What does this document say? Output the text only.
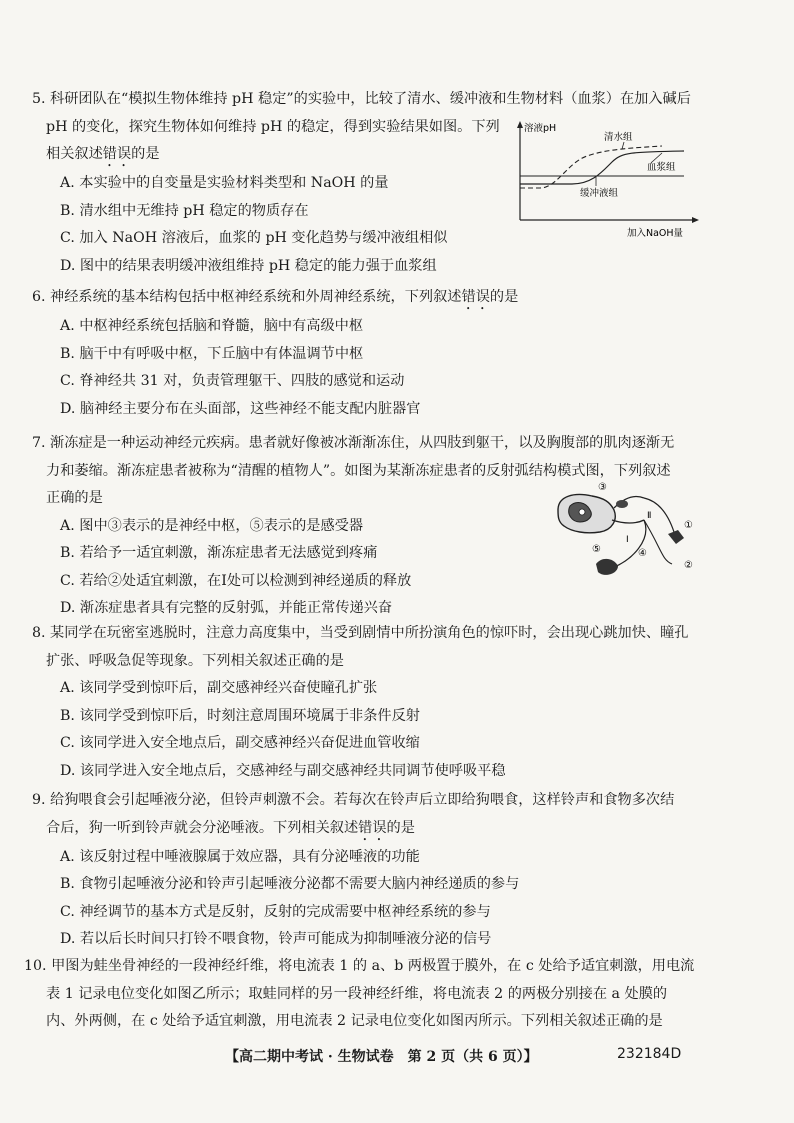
5. 科研团队在“模拟生物体维持 pH 稳定”的实验中，比较了清水、缓冲液和生物材料（血浆）在加入碱后
pH 的变化，探究生物体如何维持 pH 的稳定，得到实验结果如图。下列
相关叙述错误的是
A. 本实验中的自变量是实验材料类型和 NaOH 的量
B. 清水组中无维持 pH 稳定的物质存在
C. 加入 NaOH 溶液后，血浆的 pH 变化趋势与缓冲液组相似
D. 图中的结果表明缓冲液组维持 pH 稳定的能力强于血浆组
溶液pH
加入NaOH量
清水组
血浆组
缓冲液组
6. 神经系统的基本结构包括中枢神经系统和外周神经系统，下列叙述错误的是
A. 中枢神经系统包括脑和脊髓，脑中有高级中枢
B. 脑干中有呼吸中枢，下丘脑中有体温调节中枢
C. 脊神经共 31 对，负责管理躯干、四肢的感觉和运动
D. 脑神经主要分布在头面部，这些神经不能支配内脏器官
7. 渐冻症是一种运动神经元疾病。患者就好像被冰渐渐冻住，从四肢到躯干，以及胸腹部的肌肉逐渐无
力和萎缩。渐冻症患者被称为“清醒的植物人”。如图为某渐冻症患者的反射弧结构模式图，下列叙述
正确的是
A. 图中③表示的是神经中枢，⑤表示的是感受器
B. 若给予一适宜刺激，渐冻症患者无法感觉到疼痛
C. 若给②处适宜刺激，在Ⅰ处可以检测到神经递质的释放
D. 渐冻症患者具有完整的反射弧，并能正常传递兴奋
③
Ⅱ
Ⅰ
①
②
④
⑤
8. 某同学在玩密室逃脱时，注意力高度集中，当受到剧情中所扮演角色的惊吓时，会出现心跳加快、瞳孔
扩张、呼吸急促等现象。下列相关叙述正确的是
A. 该同学受到惊吓后，副交感神经兴奋使瞳孔扩张
B. 该同学受到惊吓后，时刻注意周围环境属于非条件反射
C. 该同学进入安全地点后，副交感神经兴奋促进血管收缩
D. 该同学进入安全地点后，交感神经与副交感神经共同调节使呼吸平稳
9. 给狗喂食会引起唾液分泌，但铃声刺激不会。若每次在铃声后立即给狗喂食，这样铃声和食物多次结
合后，狗一听到铃声就会分泌唾液。下列相关叙述错误的是
A. 该反射过程中唾液腺属于效应器，具有分泌唾液的功能
B. 食物引起唾液分泌和铃声引起唾液分泌都不需要大脑内神经递质的参与
C. 神经调节的基本方式是反射，反射的完成需要中枢神经系统的参与
D. 若以后长时间只打铃不喂食物，铃声可能成为抑制唾液分泌的信号
10. 甲图为蛙坐骨神经的一段神经纤维，将电流表 1 的 a、b 两极置于膜外，在 c 处给予适宜刺激，用电流
表 1 记录电位变化如图乙所示；取蛙同样的另一段神经纤维，将电流表 2 的两极分别接在 a 处膜的
内、外两侧，在 c 处给予适宜刺激，用电流表 2 记录电位变化如图丙所示。下列相关叙述正确的是
【高二期中考试 · 生物试卷　第 2 页（共 6 页）】	232184D
